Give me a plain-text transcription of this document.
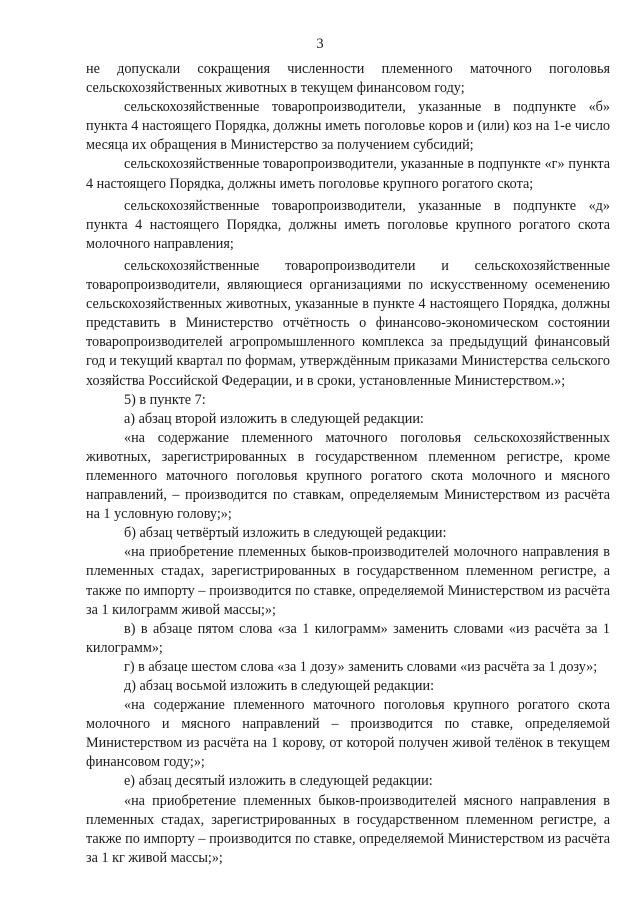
3

не допускали сокращения численности племенного маточного поголовья сельскохозяйственных животных в текущем финансовом году;

сельскохозяйственные товаропроизводители, указанные в подпункте «б» пункта 4 настоящего Порядка, должны иметь поголовье коров и (или) коз на 1-е число месяца их обращения в Министерство за получением субсидий;

сельскохозяйственные товаропроизводители, указанные в подпункте «г» пункта 4 настоящего Порядка, должны иметь поголовье крупного рогатого скота;

сельскохозяйственные товаропроизводители, указанные в подпункте «д» пункта 4 настоящего Порядка, должны иметь поголовье крупного рогатого скота молочного направления;

сельскохозяйственные товаропроизводители и сельскохозяйственные товаропроизводители, являющиеся организациями по искусственному осеменению сельскохозяйственных животных, указанные в пункте 4 настоящего Порядка, должны представить в Министерство отчётность о финансово-экономическом состоянии товаропроизводителей агропромышленного комплекса за предыдущий финансовый год и текущий квартал по формам, утверждённым приказами Министерства сельского хозяйства Российской Федерации, и в сроки, установленные Министерством.»;

5) в пункте 7:

а) абзац второй изложить в следующей редакции:

«на содержание племенного маточного поголовья сельскохозяйственных животных, зарегистрированных в государственном племенном регистре, кроме племенного маточного поголовья крупного рогатого скота молочного и мясного направлений, – производится по ставкам, определяемым Министерством из расчёта на 1 условную голову;»;

б) абзац четвёртый изложить в следующей редакции:

«на приобретение племенных быков-производителей молочного направления в племенных стадах, зарегистрированных в государственном племенном регистре, а также по импорту – производится по ставке, определяемой Министерством из расчёта за 1 килограмм живой массы;»;

в) в абзаце пятом слова «за 1 килограмм» заменить словами «из расчёта за 1 килограмм»;

г) в абзаце шестом слова «за 1 дозу» заменить словами «из расчёта за 1 дозу»;

д) абзац восьмой изложить в следующей редакции:

«на содержание племенного маточного поголовья крупного рогатого скота молочного и мясного направлений – производится по ставке, определяемой Министерством из расчёта на 1 корову, от которой получен живой телёнок в текущем финансовом году;»;

е) абзац десятый изложить в следующей редакции:

«на приобретение племенных быков-производителей мясного направления в племенных стадах, зарегистрированных в государственном племенном регистре, а также по импорту – производится по ставке, определяемой Министерством из расчёта за 1 кг живой массы;»;
